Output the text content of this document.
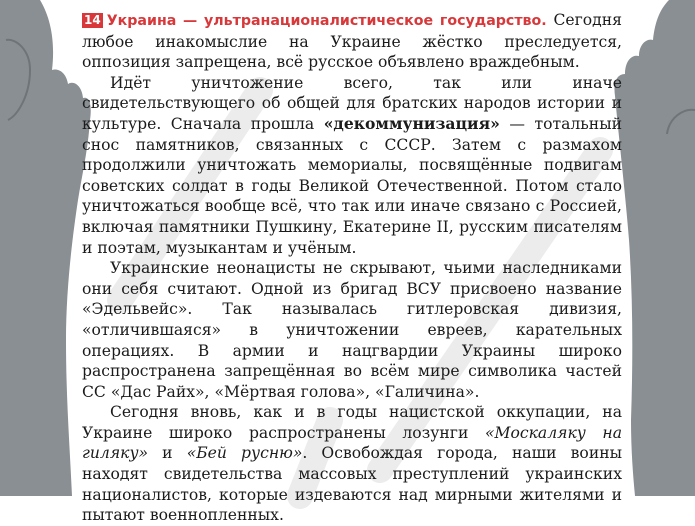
14 Украина — ультранационалистическое государство. Сегодня любое инакомыслие на Украине жёстко преследуется, оппозиция запрещена, всё русское объявлено враждебным.

Идёт уничтожение всего, так или иначе свидетельствующего об общей для братских народов истории и культуре. Сначала прошла «декоммунизация» — тотальный снос памятников, связанных с СССР. Затем с размахом продолжили уничтожать мемориалы, посвящённые подвигам советских солдат в годы Великой Отечественной. Потом стало уничтожаться вообще всё, что так или иначе связано с Россией, включая памятники Пушкину, Екатерине II, русским писателям и поэтам, музыкантам и учёным.

Украинские неонацисты не скрывают, чьими наследниками они себя считают. Одной из бригад ВСУ присвоено название «Эдельвейс». Так называлась гитлеровская дивизия, «отличившаяся» в уничтожении евреев, карательных операциях. В армии и нацгвардии Украины широко распространена запрещённая во всём мире символика частей СС «Дас Райх», «Мёртвая голова», «Галичина».

Сегодня вновь, как и в годы нацистской оккупации, на Украине широко распространены лозунги «Москаляку на гиляку» и «Бей русню». Освобождая города, наши воины находят свидетельства массовых преступлений украинских националистов, которые издеваются над мирными жителями и пытают военнопленных.
